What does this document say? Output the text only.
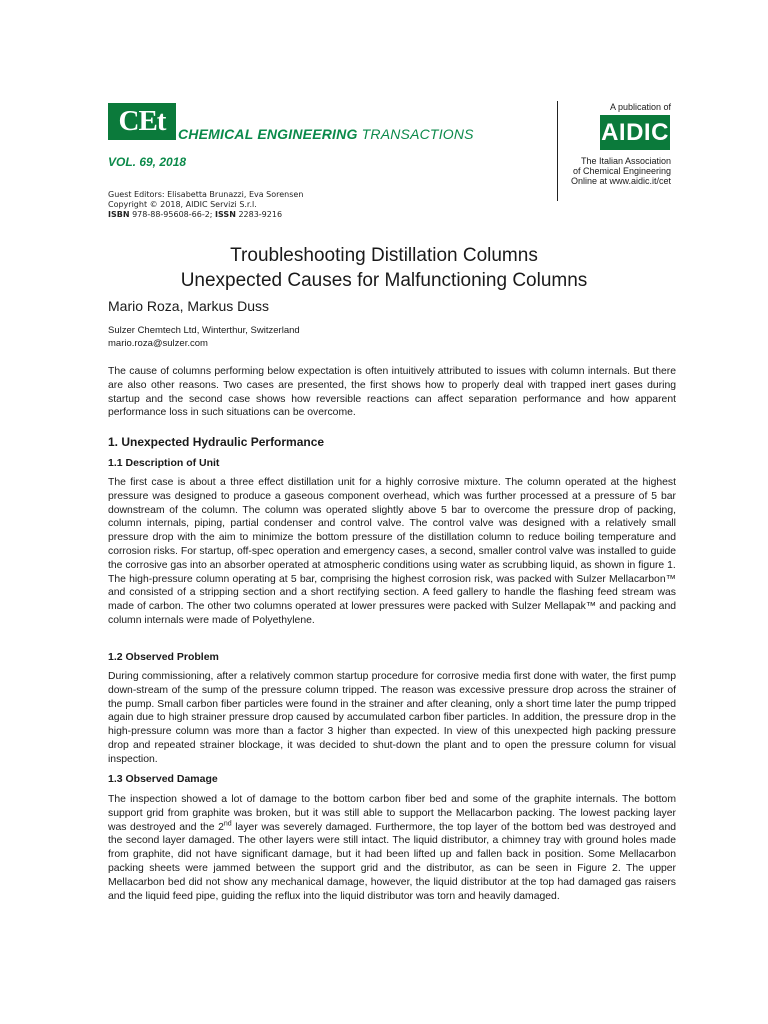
CEt CHEMICAL ENGINEERING TRANSACTIONS
VOL. 69, 2018
A publication of
AIDIC
The Italian Association
of Chemical Engineering
Online at www.aidic.it/cet
Guest Editors: Elisabetta Brunazzi, Eva Sorensen
Copyright © 2018, AIDIC Servizi S.r.l.
ISBN 978-88-95608-66-2; ISSN 2283-9216
Troubleshooting Distillation Columns
Unexpected Causes for Malfunctioning Columns
Mario Roza, Markus Duss
Sulzer Chemtech Ltd, Winterthur, Switzerland
mario.roza@sulzer.com

The cause of columns performing below expectation is often intuitively attributed to issues with column internals. But there are also other reasons. Two cases are presented, the first shows how to properly deal with trapped inert gases during startup and the second case shows how reversible reactions can affect separation performance and how apparent performance loss in such situations can be overcome.

1. Unexpected Hydraulic Performance
1.1 Description of Unit

The first case is about a three effect distillation unit for a highly corrosive mixture. The column operated at the highest pressure was designed to produce a gaseous component overhead, which was further processed at a pressure of 5 bar downstream of the column. The column was operated slightly above 5 bar to overcome the pressure drop of packing, column internals, piping, partial condenser and control valve. The control valve was designed with a relatively small pressure drop with the aim to minimize the bottom pressure of the distillation column to reduce boiling temperature and corrosion risks. For startup, off-spec operation and emergency cases, a second, smaller control valve was installed to guide the corrosive gas into an absorber operated at atmospheric conditions using water as scrubbing liquid, as shown in figure 1.

The high-pressure column operating at 5 bar, comprising the highest corrosion risk, was packed with Sulzer Mellacarbon™ and consisted of a stripping section and a short rectifying section. A feed gallery to handle the flashing feed stream was made of carbon. The other two columns operated at lower pressures were packed with Sulzer Mellapak™ and packing and column internals were made of Polyethylene.

1.2 Observed Problem

During commissioning, after a relatively common startup procedure for corrosive media first done with water, the first pump down-stream of the sump of the pressure column tripped. The reason was excessive pressure drop across the strainer of the pump. Small carbon fiber particles were found in the strainer and after cleaning, only a short time later the pump tripped again due to high strainer pressure drop caused by accumulated carbon fiber particles. In addition, the pressure drop in the high-pressure column was more than a factor 3 higher than expected. In view of this unexpected high packing pressure drop and repeated strainer blockage, it was decided to shut-down the plant and to open the pressure column for visual inspection.

1.3 Observed Damage

The inspection showed a lot of damage to the bottom carbon fiber bed and some of the graphite internals. The bottom support grid from graphite was broken, but it was still able to support the Mellacarbon packing. The lowest packing layer was destroyed and the 2nd layer was severely damaged. Furthermore, the top layer of the bottom bed was destroyed and the second layer damaged. The other layers were still intact. The liquid distributor, a chimney tray with ground holes made from graphite, did not have significant damage, but it had been lifted up and fallen back in position. Some Mellacarbon packing sheets were jammed between the support grid and the distributor, as can be seen in Figure 2. The upper Mellacarbon bed did not show any mechanical damage, however, the liquid distributor at the top had damaged gas raisers and the liquid feed pipe, guiding the reflux into the liquid distributor was torn and heavily damaged.
